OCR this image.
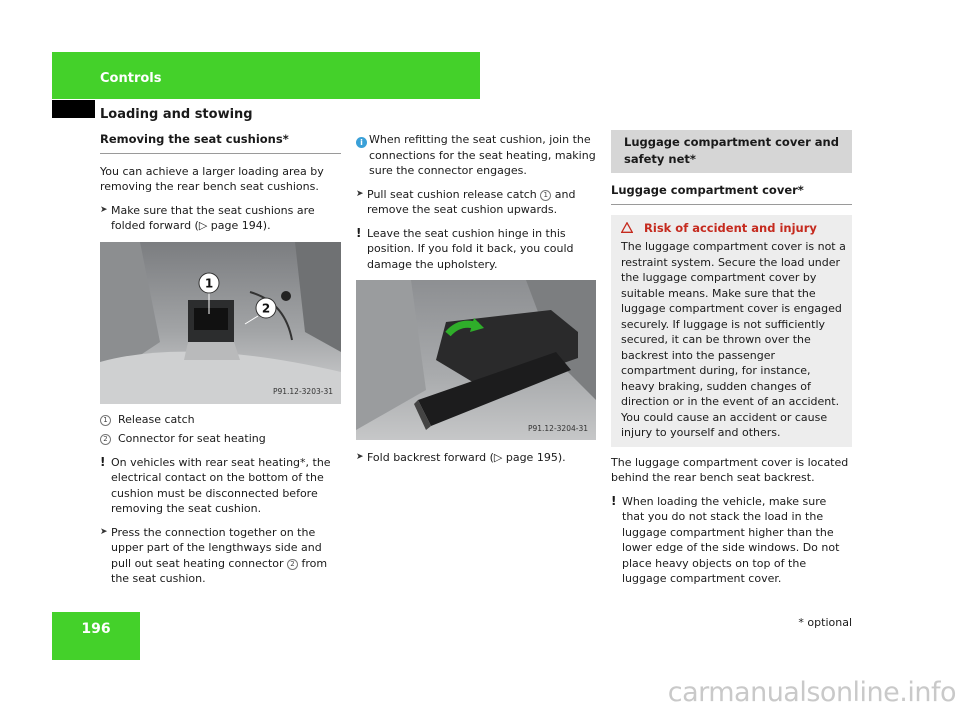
Controls
Loading and stowing
Removing the seat cushions*

You can achieve a larger loading area by removing the rear bench seat cushions.

➤ Make sure that the seat cushions are folded forward (▷ page 194).

1
2
P91.12-3203-31

1 Release catch

2 Connector for seat heating

! On vehicles with rear seat heating*, the electrical contact on the bottom of the cushion must be disconnected before removing the seat cushion.

➤ Press the connection together on the upper part of the lengthways side and pull out seat heating connector 2 from the seat cushion.

i When refitting the seat cushion, join the connections for the seat heating, making sure the connector engages.

➤ Pull seat cushion release catch 1 and remove the seat cushion upwards.

! Leave the seat cushion hinge in this position. If you fold it back, you could damage the upholstery.

P91.12-3204-31

➤ Fold backrest forward (▷ page 195).

Luggage compartment cover and safety net*
Luggage compartment cover*
Risk of accident and injury
The luggage compartment cover is not a restraint system. Secure the load under the luggage compartment cover by suitable means. Make sure that the luggage compartment cover is engaged securely. If luggage is not sufficiently secured, it can be thrown over the backrest into the passenger compartment during, for instance, heavy braking, sudden changes of direction or in the event of an accident. You could cause an accident or cause injury to yourself and others.

The luggage compartment cover is located behind the rear bench seat backrest.

! When loading the vehicle, make sure that you do not stack the load in the luggage compartment higher than the lower edge of the side windows. Do not place heavy objects on top of the luggage compartment cover.

196	* optional
carmanualsonline.info
